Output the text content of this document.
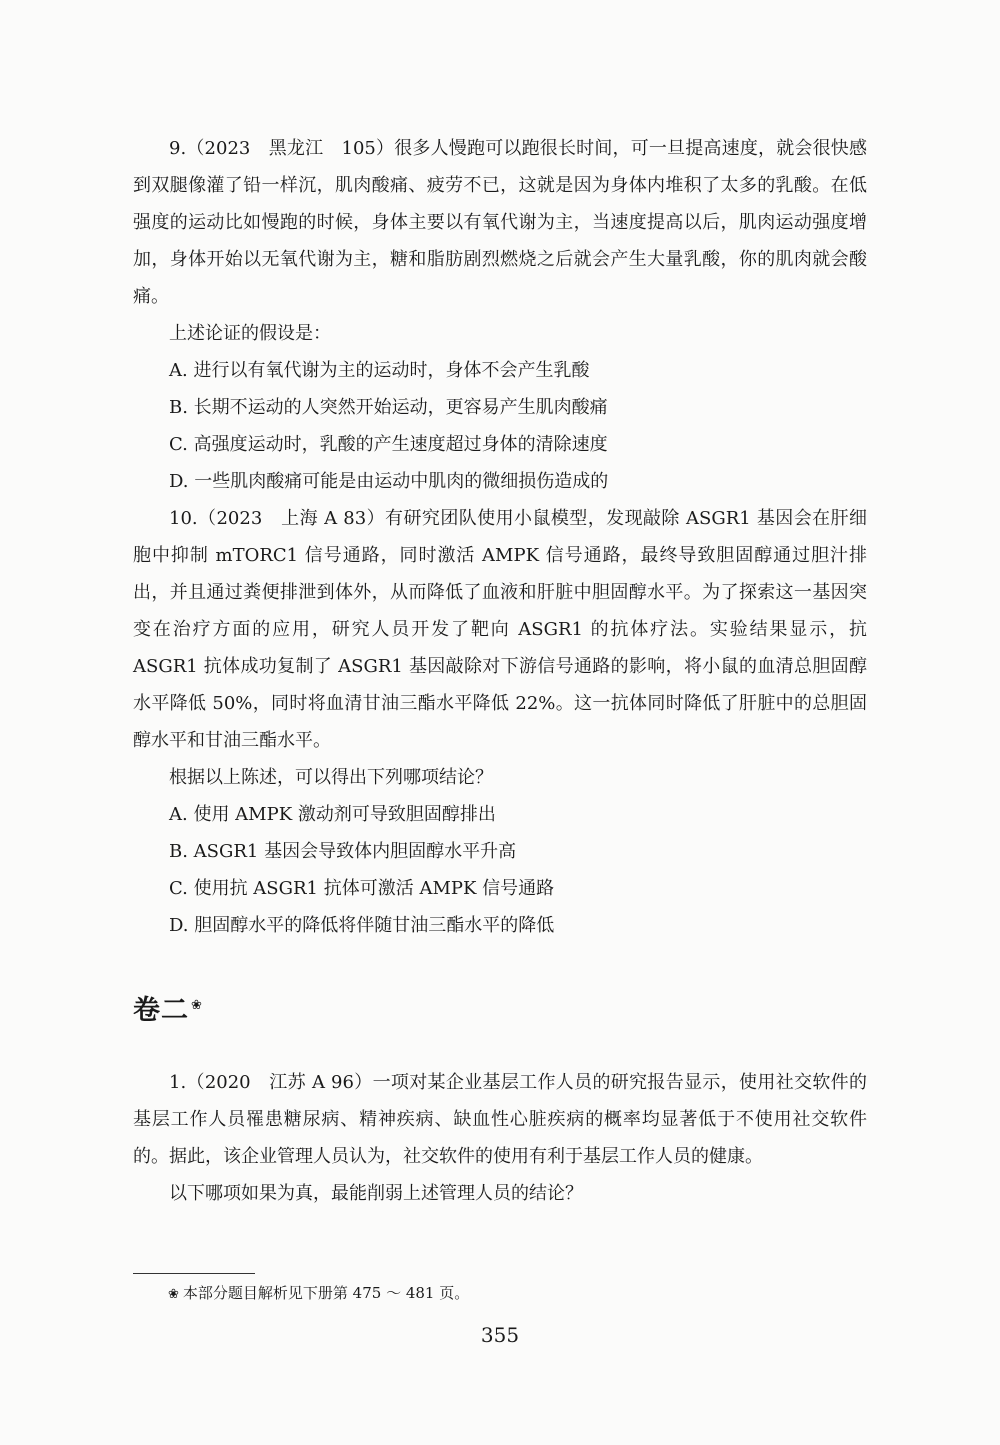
9.（2023　黑龙江　105）很多人慢跑可以跑很长时间，可一旦提高速度，就会很快感到双腿像灌了铅一样沉，肌肉酸痛、疲劳不已，这就是因为身体内堆积了太多的乳酸。在低强度的运动比如慢跑的时候，身体主要以有氧代谢为主，当速度提高以后，肌肉运动强度增加，身体开始以无氧代谢为主，糖和脂肪剧烈燃烧之后就会产生大量乳酸，你的肌肉就会酸痛。

上述论证的假设是：

A. 进行以有氧代谢为主的运动时，身体不会产生乳酸

B. 长期不运动的人突然开始运动，更容易产生肌肉酸痛

C. 高强度运动时，乳酸的产生速度超过身体的清除速度

D. 一些肌肉酸痛可能是由运动中肌肉的微细损伤造成的

10.（2023　上海 A 83）有研究团队使用小鼠模型，发现敲除 ASGR1 基因会在肝细胞中抑制 mTORC1 信号通路，同时激活 AMPK 信号通路，最终导致胆固醇通过胆汁排出，并且通过粪便排泄到体外，从而降低了血液和肝脏中胆固醇水平。为了探索这一基因突变在治疗方面的应用，研究人员开发了靶向 ASGR1 的抗体疗法。实验结果显示，抗 ASGR1 抗体成功复制了 ASGR1 基因敲除对下游信号通路的影响，将小鼠的血清总胆固醇水平降低 50%，同时将血清甘油三酯水平降低 22%。这一抗体同时降低了肝脏中的总胆固醇水平和甘油三酯水平。

根据以上陈述，可以得出下列哪项结论？

A. 使用 AMPK 激动剂可导致胆固醇排出

B. ASGR1 基因会导致体内胆固醇水平升高

C. 使用抗 ASGR1 抗体可激活 AMPK 信号通路

D. 胆固醇水平的降低将伴随甘油三酯水平的降低

卷二 ❀

1.（2020　江苏 A 96）一项对某企业基层工作人员的研究报告显示，使用社交软件的基层工作人员罹患糖尿病、精神疾病、缺血性心脏疾病的概率均显著低于不使用社交软件的。据此，该企业管理人员认为，社交软件的使用有利于基层工作人员的健康。

以下哪项如果为真，最能削弱上述管理人员的结论？

❀ 本部分题目解析见下册第 475 ～ 481 页。

355
